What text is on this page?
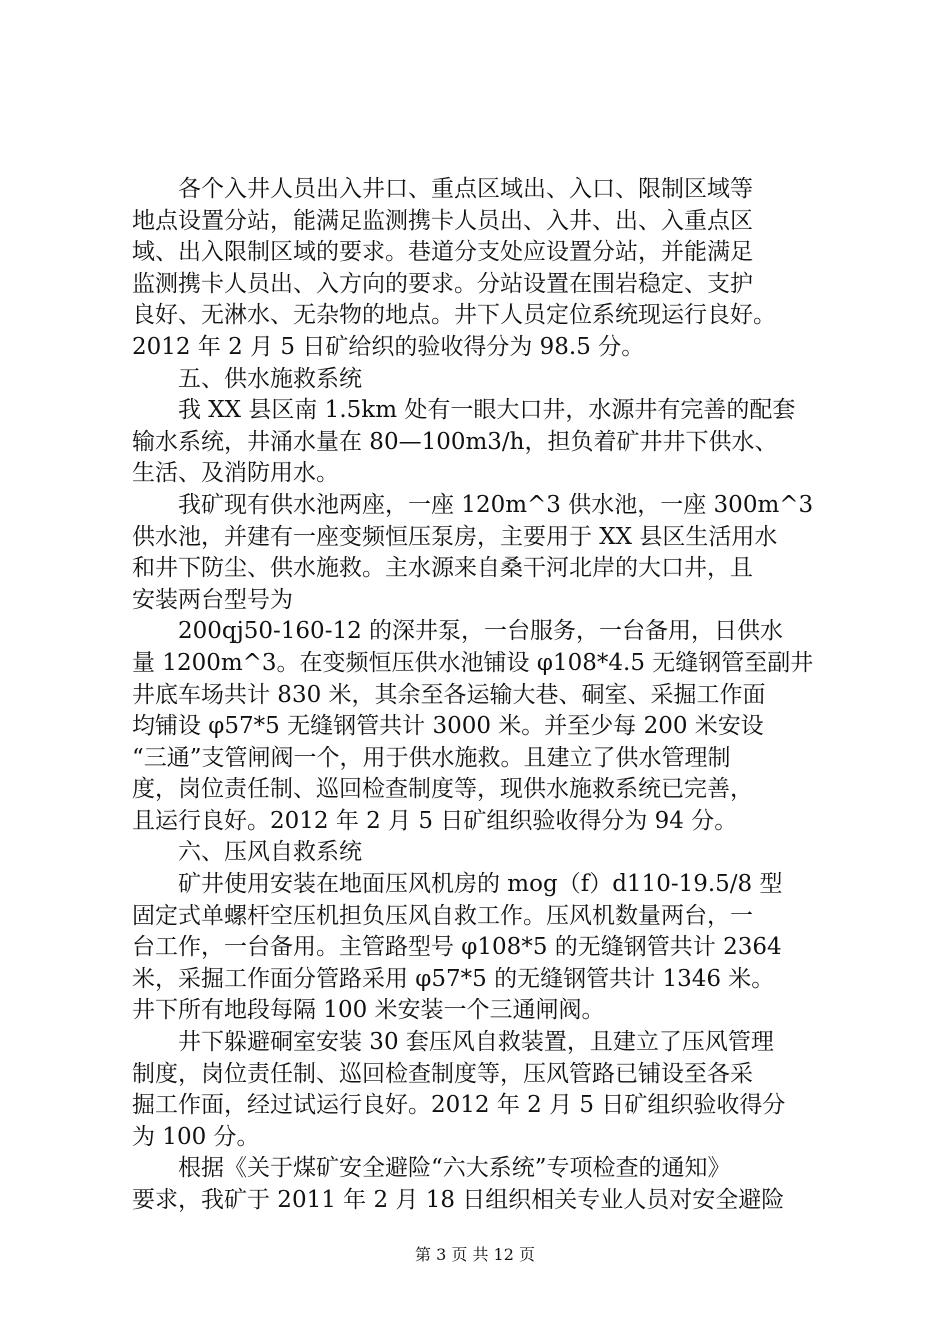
　　各个入井人员出入井口、重点区域出、入口、限制区域等
地点设置分站，能满足监测携卡人员出、入井、出、入重点区
域、出入限制区域的要求。巷道分支处应设置分站，并能满足
监测携卡人员出、入方向的要求。分站设置在围岩稳定、支护
良好、无淋水、无杂物的地点。井下人员定位系统现运行良好。
2012 年 2 月 5 日矿给织的验收得分为 98.5 分。
　　五、供水施救系统
　　我 XX 县区南 1.5km 处有一眼大口井，水源井有完善的配套
输水系统，井涌水量在 80—100m3/h，担负着矿井井下供水、
生活、及消防用水。
　　我矿现有供水池两座，一座 120m^3 供水池，一座 300m^3
供水池，并建有一座变频恒压泵房，主要用于 XX 县区生活用水
和井下防尘、供水施救。主水源来自桑干河北岸的大口井，且
安装两台型号为
　　200qj50-160-12 的深井泵，一台服务，一台备用，日供水
量 1200m^3。在变频恒压供水池铺设 φ108*4.5 无缝钢管至副井
井底车场共计 830 米，其余至各运输大巷、硐室、采掘工作面
均铺设 φ57*5 无缝钢管共计 3000 米。并至少每 200 米安设
“三通”支管闸阀一个，用于供水施救。且建立了供水管理制
度，岗位责任制、巡回检查制度等，现供水施救系统已完善，
且运行良好。2012 年 2 月 5 日矿组织验收得分为 94 分。
　　六、压风自救系统
　　矿井使用安装在地面压风机房的 mog（f）d110-19.5/8 型
固定式单螺杆空压机担负压风自救工作。压风机数量两台，一
台工作，一台备用。主管路型号 φ108*5 的无缝钢管共计 2364
米，采掘工作面分管路采用 φ57*5 的无缝钢管共计 1346 米。
井下所有地段每隔 100 米安装一个三通闸阀。
　　井下躲避硐室安装 30 套压风自救装置，且建立了压风管理
制度，岗位责任制、巡回检查制度等，压风管路已铺设至各采
掘工作面，经过试运行良好。2012 年 2 月 5 日矿组织验收得分
为 100 分。
　　根据《关于煤矿安全避险“六大系统”专项检查的通知》
要求，我矿于 2011 年 2 月 18 日组织相关专业人员对安全避险
第 3 页 共 12 页
